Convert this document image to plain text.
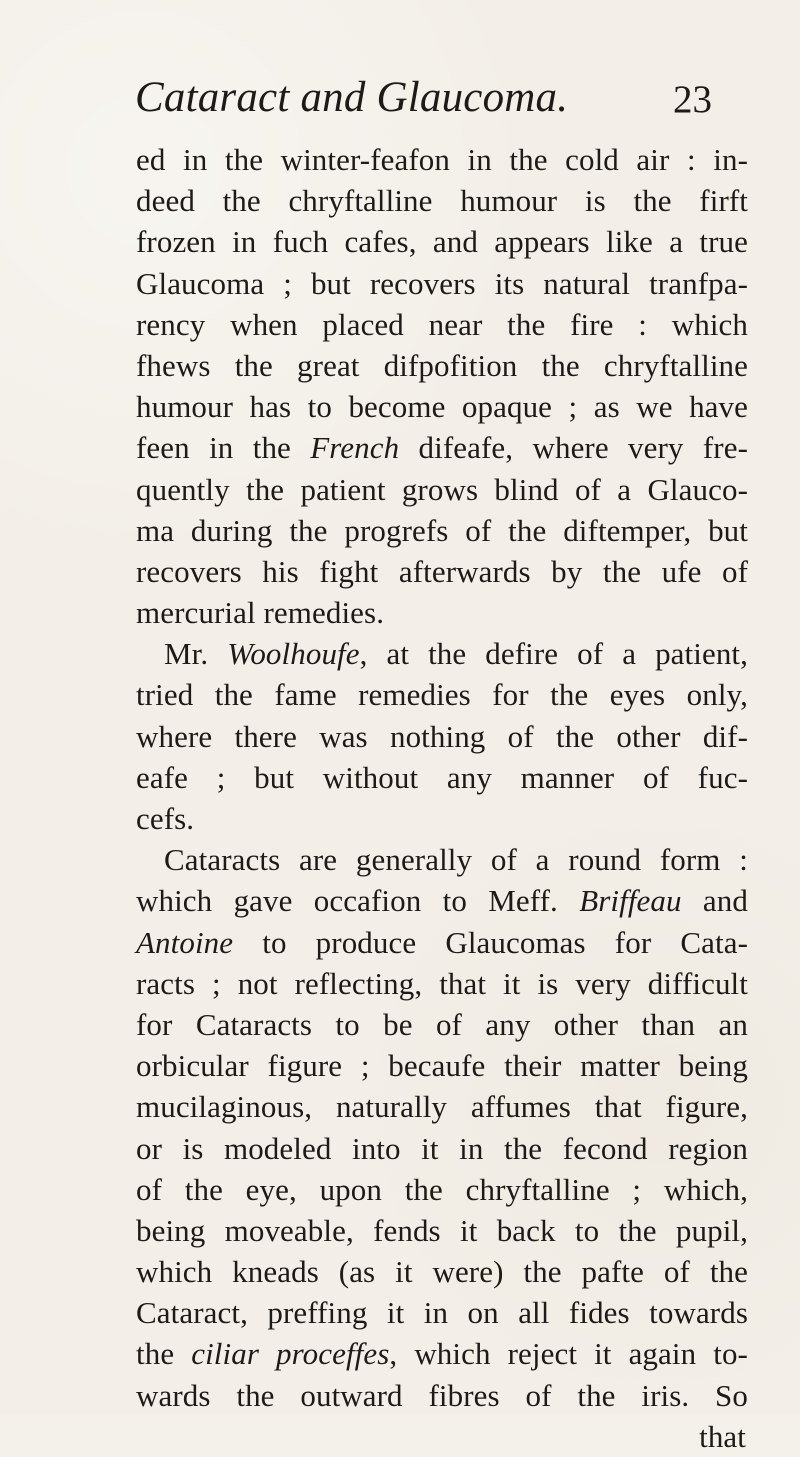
Cataract and Glaucoma.	23
ed in the winter-feafon in the cold air : in-
deed the chryftalline humour is the firft
frozen in fuch cafes, and appears like a true
Glaucoma ; but recovers its natural tranfpa-
rency when placed near the fire : which
fhews the great difpofition the chryftalline
humour has to become opaque ; as we have
feen in the French difeafe, where very fre-
quently the patient grows blind of a Glauco-
ma during the progrefs of the diftemper, but
recovers his fight afterwards by the ufe of
mercurial remedies.
Mr. Woolhoufe, at the defire of a patient,
tried the fame remedies for the eyes only,
where there was nothing of the other dif-
eafe ; but without any manner of fuc-
cefs.
Cataracts are generally of a round form :
which gave occafion to Meff. Briffeau and
Antoine to produce Glaucomas for Cata-
racts ; not reflecting, that it is very difficult
for Cataracts to be of any other than an
orbicular figure ; becaufe their matter being
mucilaginous, naturally affumes that figure,
or is modeled into it in the fecond region
of the eye, upon the chryftalline ; which,
being moveable, fends it back to the pupil,
which kneads (as it were) the pafte of the
Cataract, preffing it in on all fides towards
the ciliar proceffes, which reject it again to-
wards the outward fibres of the iris. So
that
